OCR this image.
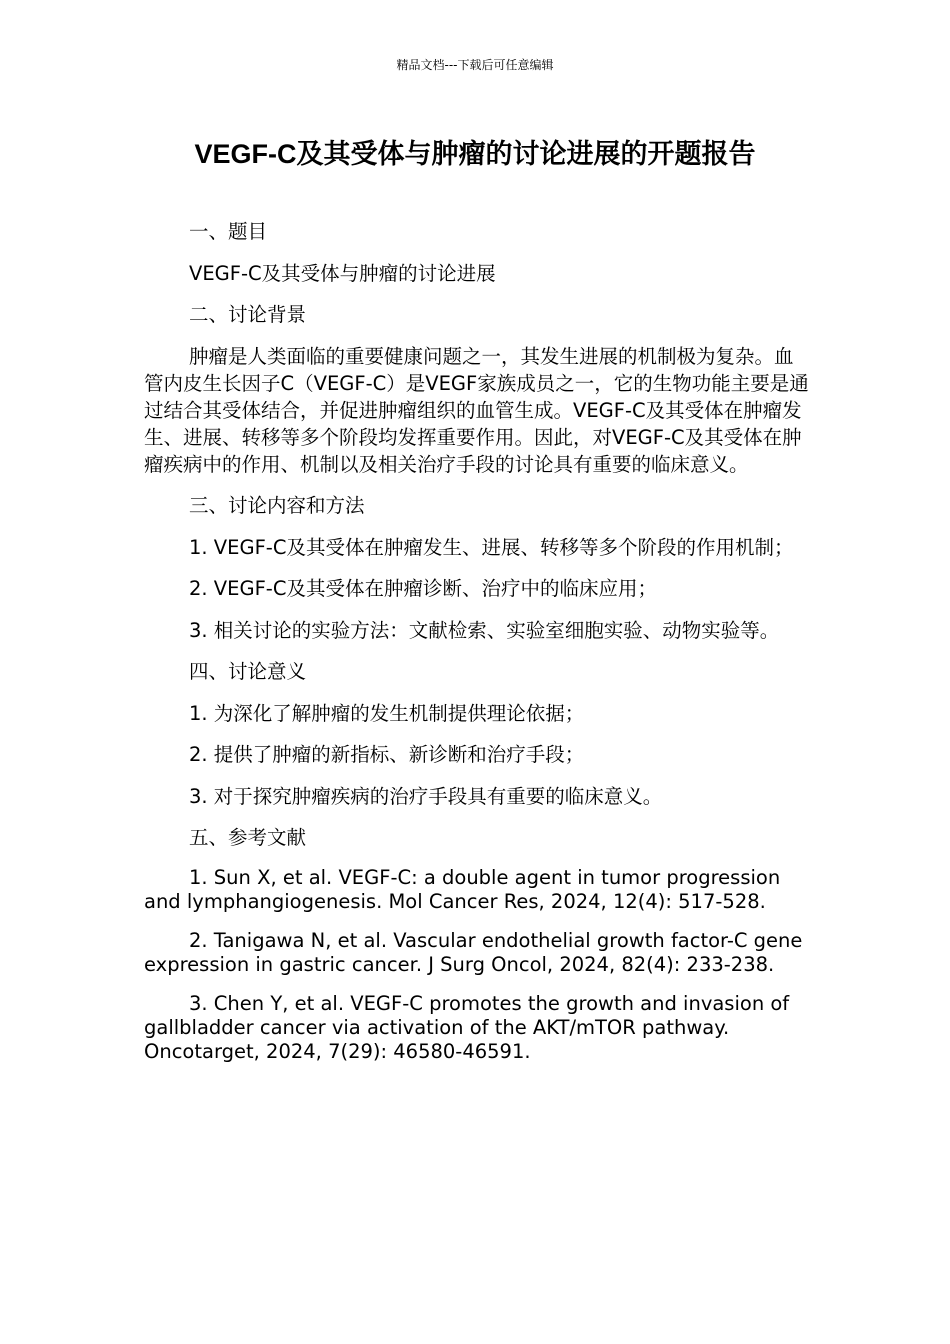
精品文档---下载后可任意编辑
VEGF-C及其受体与肿瘤的讨论进展的开题报告

一、题目

VEGF-C及其受体与肿瘤的讨论进展

二、讨论背景

肿瘤是人类面临的重要健康问题之一，其发生进展的机制极为复杂。血管内皮生长因子C（VEGF-C）是VEGF家族成员之一，它的生物功能主要是通过结合其受体结合，并促进肿瘤组织的血管生成。VEGF-C及其受体在肿瘤发生、进展、转移等多个阶段均发挥重要作用。因此，对VEGF-C及其受体在肿瘤疾病中的作用、机制以及相关治疗手段的讨论具有重要的临床意义。

三、讨论内容和方法

1. VEGF-C及其受体在肿瘤发生、进展、转移等多个阶段的作用机制；

2. VEGF-C及其受体在肿瘤诊断、治疗中的临床应用；

3. 相关讨论的实验方法：文献检索、实验室细胞实验、动物实验等。

四、讨论意义

1. 为深化了解肿瘤的发生机制提供理论依据；

2. 提供了肿瘤的新指标、新诊断和治疗手段；

3. 对于探究肿瘤疾病的治疗手段具有重要的临床意义。

五、参考文献

1. Sun X, et al. VEGF-C: a double agent in tumor progression and lymphangiogenesis. Mol Cancer Res, 2024, 12(4): 517-528.

2. Tanigawa N, et al. Vascular endothelial growth factor-C gene expression in gastric cancer. J Surg Oncol, 2024, 82(4): 233-238.

3. Chen Y, et al. VEGF-C promotes the growth and invasion of gallbladder cancer via activation of the AKT/mTOR pathway. Oncotarget, 2024, 7(29): 46580-46591.
